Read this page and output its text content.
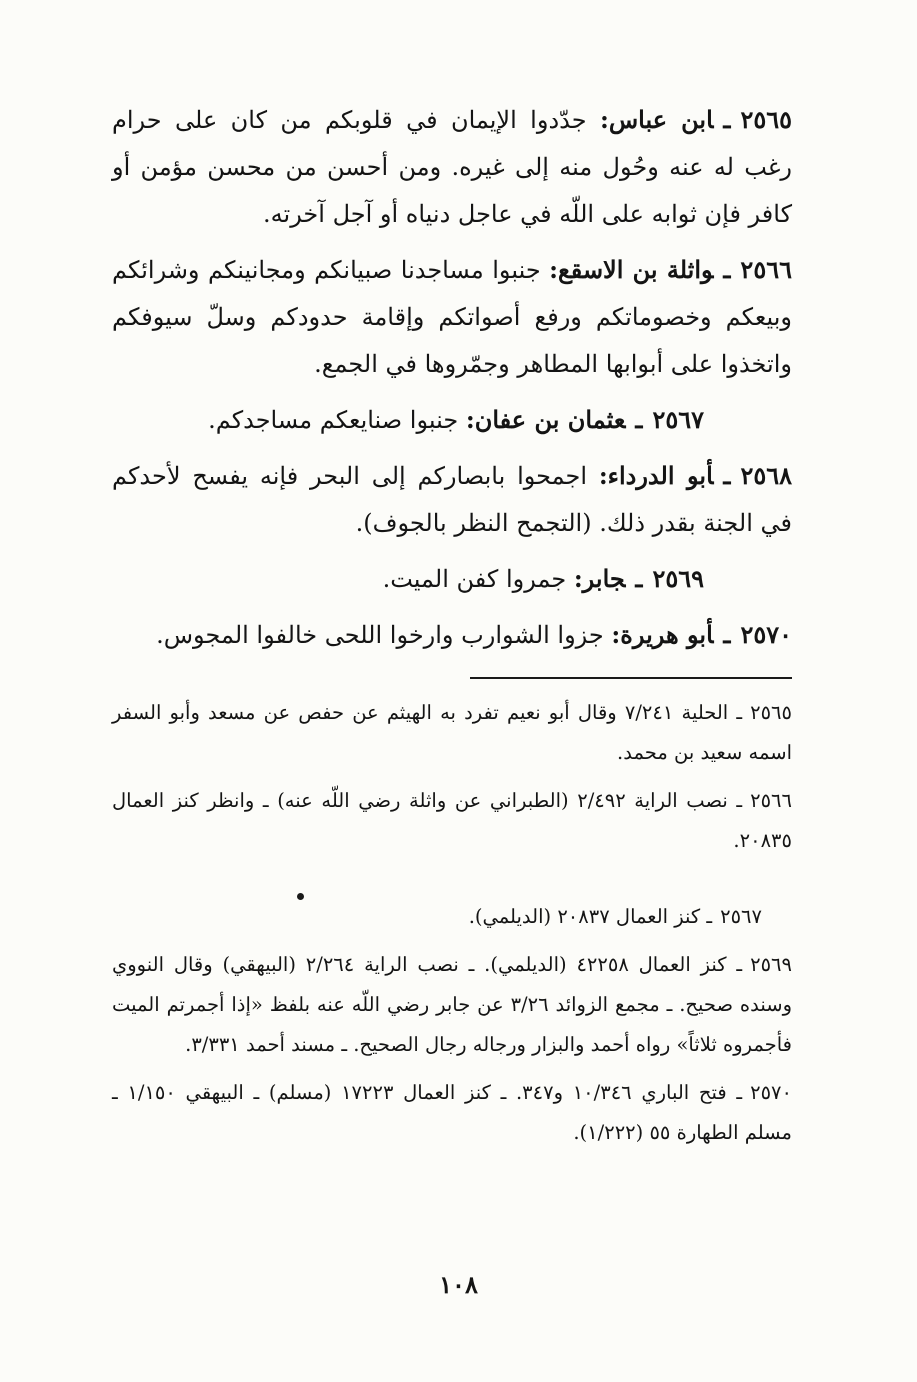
٢٥٦٥ـابن عباس: جدّدوا الإيمان في قلوبكم من كان على حرام رغب له عنه وحُول منه إلى غيره. ومن أحسن من محسن مؤمن أو كافر فإن ثوابه على اللّه في عاجل دنياه أو آجل آخرته.

٢٥٦٦ـواثلة بن الاسقع: جنبوا مساجدنا صبيانكم ومجانينكم وشرائكم وبيعكم وخصوماتكم ورفع أصواتكم وإقامة حدودكم وسلّ سيوفكم واتخذوا على أبوابها المطاهر وجمّروها في الجمع.

٢٥٦٧ـعثمان بن عفان: جنبوا صنايعكم مساجدكم.

٢٥٦٨ـأبو الدرداء: اجمحوا بابصاركم إلى البحر فإنه يفسح لأحدكم في الجنة بقدر ذلك. (التجمح النظر بالجوف).

٢٥٦٩ـجابر: جمروا كفن الميت.

٢٥٧٠ـأبو هريرة: جزوا الشوارب وارخوا اللحى خالفوا المجوس.

٢٥٦٥ـ الحلية ٧/٢٤١ وقال أبو نعيم تفرد به الهيثم عن حفص عن مسعد وأبو السفر اسمه سعيد بن محمد.

٢٥٦٦ـ نصب الراية ٢/٤٩٢ (الطبراني عن واثلة رضي اللّه عنه) ـ وانظر كنز العمال ٢٠٨٣٥.

٢٥٦٧ـ كنز العمال ٢٠٨٣٧ (الديلمي).

٢٥٦٩ـ كنز العمال ٤٢٢٥٨ (الديلمي). ـ نصب الراية ٢/٢٦٤ (البيهقي) وقال النووي وسنده صحيح. ـ مجمع الزوائد ٣/٢٦ عن جابر رضي اللّه عنه بلفظ «إذا أجمرتم الميت فأجمروه ثلاثاً» رواه أحمد والبزار ورجاله رجال الصحيح. ـ مسند أحمد ٣/٣٣١.

٢٥٧٠ـ فتح الباري ١٠/٣٤٦ و٣٤٧. ـ كنز العمال ١٧٢٢٣ (مسلم) ـ البيهقي ١/١٥٠ ـ مسلم الطهارة ٥٥ (١/٢٢٢).

١٠٨
